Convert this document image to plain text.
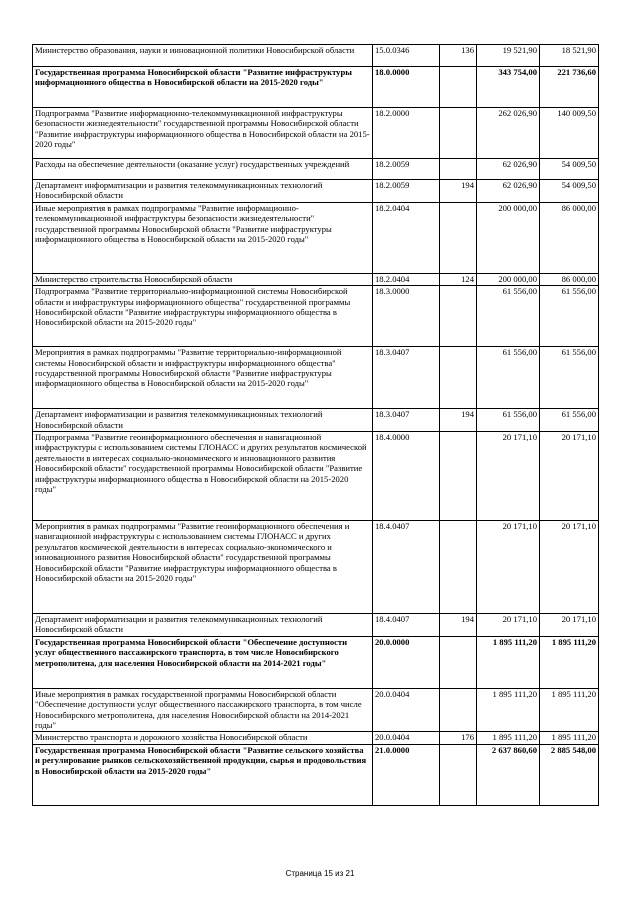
Министерство образования, науки и инновационной политики Новосибирской области	15.0.0346	136	19 521,90	18 521,90
Государственная программа Новосибирской области "Развитие инфраструктуры информационного общества в Новосибирской области на 2015-2020 годы"	18.0.0000		343 754,00	221 736,60
Подпрограмма "Развитие информационно-телекоммуникационной инфраструктуры безопасности жизнедеятельности" государственной программы Новосибирской области "Развитие инфраструктуры информационного общества в Новосибирской области на 2015-2020 годы"	18.2.0000		262 026,90	140 009,50
Расходы на обеспечение деятельности (оказание услуг) государственных учреждений	18.2.0059		62 026,90	54 009,50
Департамент информатизации и развития телекоммуникационных технологий Новосибирской области	18.2.0059	194	62 026,90	54 009,50
Иные мероприятия в рамках подпрограммы "Развитие информационно-телекоммуникационной инфраструктуры безопасности жизнедеятельности" государственной программы Новосибирской области "Развитие инфраструктуры информационного общества в Новосибирской области на 2015-2020 годы"	18.2.0404		200 000,00	86 000,00
Министерство строительства Новосибирской области	18.2.0404	124	200 000,00	86 000,00
Подпрограмма "Развитие территориально-информационной системы Новосибирской области и инфраструктуры информационного общества" государственной программы Новосибирской области "Развитие инфраструктуры информационного общества в Новосибирской области на 2015-2020 годы"	18.3.0000		61 556,00	61 556,00
Мероприятия в рамках подпрограммы "Развитие территориально-информационной системы Новосибирской области и инфраструктуры информационного общества" государственной программы Новосибирской области "Развитие инфраструктуры информационного общества в Новосибирской области на 2015-2020 годы"	18.3.0407		61 556,00	61 556,00
Департамент информатизации и развития телекоммуникационных технологий Новосибирской области	18.3.0407	194	61 556,00	61 556,00
Подпрограмма "Развитие геоинформационного обеспечения и навигационной инфраструктуры с использованием системы ГЛОНАСС и других результатов космической деятельности в интересах социально-экономического и инновационного развития Новосибирской области" государственной программы Новосибирской области "Развитие инфраструктуры информационного общества в Новосибирской области на 2015-2020 годы"	18.4.0000		20 171,10	20 171,10
Мероприятия в рамках подпрограммы "Развитие геоинформационного обеспечения и навигационной инфраструктуры с использованием системы ГЛОНАСС и других результатов космической деятельности в интересах социально-экономического и инновационного развития Новосибирской области" государственной программы Новосибирской области "Развитие инфраструктуры информационного общества в Новосибирской области на 2015-2020 годы"	18.4.0407		20 171,10	20 171,10
Департамент информатизации и развития телекоммуникационных технологий Новосибирской области	18.4.0407	194	20 171,10	20 171,10
Государственная программа Новосибирской области "Обеспечение доступности услуг общественного пассажирского транспорта, в том числе Новосибирского метрополитена, для населения Новосибирской области на 2014-2021 годы"	20.0.0000		1 895 111,20	1 895 111,20
Иные мероприятия в рамках государственной программы Новосибирской области "Обеспечение доступности услуг общественного пассажирского транспорта, в том числе Новосибирского метрополитена, для населения Новосибирской области на 2014-2021 годы"	20.0.0404		1 895 111,20	1 895 111,20
Министерство транспорта и дорожного хозяйства Новосибирской области	20.0.0404	176	1 895 111,20	1 895 111,20
Государственная программа Новосибирской области "Развитие сельского хозяйства и регулирование рынков сельскохозяйственной продукции, сырья и продовольствия в Новосибирской области на 2015-2020 годы"	21.0.0000		2 637 860,60	2 885 548,00
Страница 15 из 21
